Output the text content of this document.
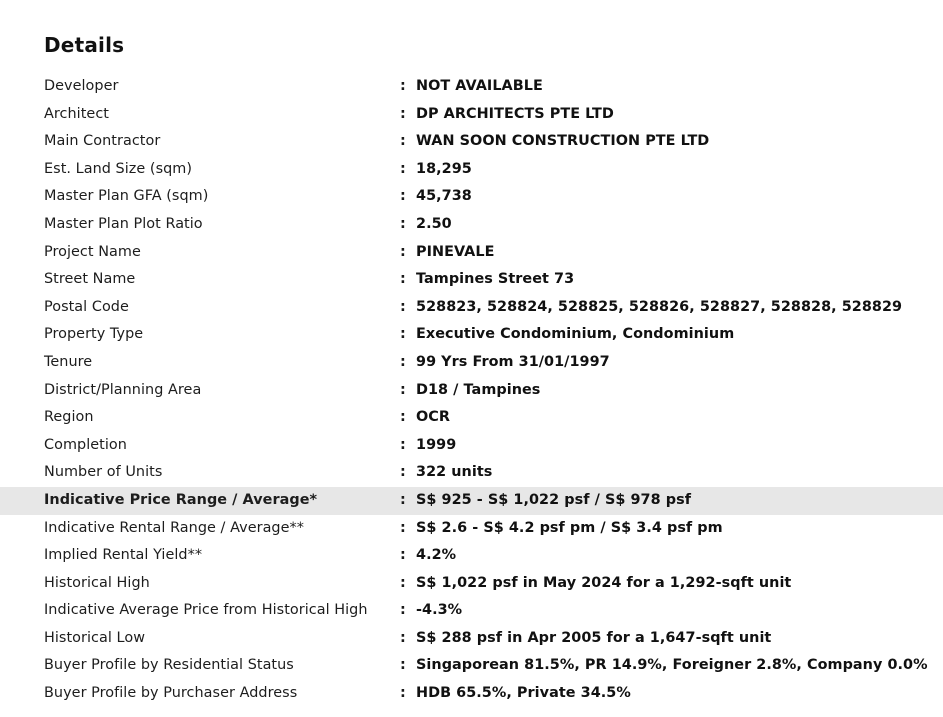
Details
Developer	: NOT AVAILABLE
Architect	: DP ARCHITECTS PTE LTD
Main Contractor	: WAN SOON CONSTRUCTION PTE LTD
Est. Land Size (sqm)	: 18,295
Master Plan GFA (sqm)	: 45,738
Master Plan Plot Ratio	: 2.50
Project Name	: PINEVALE
Street Name	: Tampines Street 73
Postal Code	: 528823, 528824, 528825, 528826, 528827, 528828, 528829
Property Type	: Executive Condominium, Condominium
Tenure	: 99 Yrs From 31/01/1997
District/Planning Area	: D18 / Tampines
Region	: OCR
Completion	: 1999
Number of Units	: 322 units
Indicative Price Range / Average*	: S$ 925 - S$ 1,022 psf / S$ 978 psf
Indicative Rental Range / Average**	: S$ 2.6 - S$ 4.2 psf pm / S$ 3.4 psf pm
Implied Rental Yield**	: 4.2%
Historical High	: S$ 1,022 psf in May 2024 for a 1,292-sqft unit
Indicative Average Price from Historical High : -4.3%
Historical Low	: S$ 288 psf in Apr 2005 for a 1,647-sqft unit
Buyer Profile by Residential Status	: Singaporean 81.5%, PR 14.9%, Foreigner 2.8%, Company 0.0%
Buyer Profile by Purchaser Address	: HDB 65.5%, Private 34.5%
